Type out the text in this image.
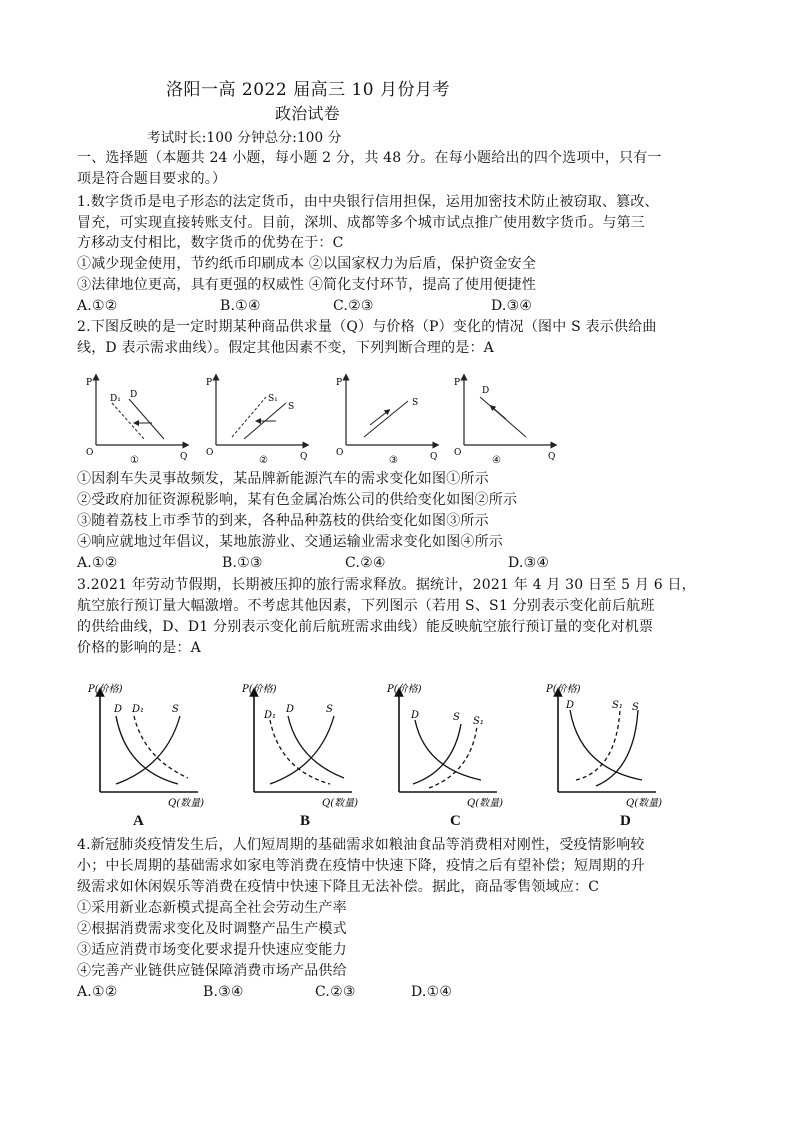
洛阳一高 2022 届高三 10 月份月考
政治试卷
考试时长:100 分钟总分:100 分
一、选择题（本题共 24 小题，每小题 2 分，共 48 分。在每小题给出的四个选项中，只有一
项是符合题目要求的。）
1.数字货币是电子形态的法定货币，由中央银行信用担保，运用加密技术防止被窃取、篡改、
冒充，可实现直接转账支付。目前，深圳、成都等多个城市试点推广使用数字货币。与第三
方移动支付相比，数字货币的优势在于：C
①减少现金使用，节约纸币印刷成本 ②以国家权力为后盾，保护资金安全
③法律地位更高，具有更强的权威性 ④简化支付环节，提高了使用便捷性
A.①②	B.①④	C.②③	D.③④
2.下图反映的是一定时期某种商品供求量（Q）与价格（P）变化的情况（图中 S 表示供给曲
线，D 表示需求曲线）。假定其他因素不变，下列判断合理的是：A
P
Q
O
D₁ D
①
P
Q
O
S₁
S
②
P
Q
O
S
③
P
Q
O
D
④
①因刹车失灵事故频发，某品牌新能源汽车的需求变化如图①所示
②受政府加征资源税影响，某有色金属冶炼公司的供给变化如图②所示
③随着荔枝上市季节的到来，各种品种荔枝的供给变化如图③所示
④响应就地过年倡议，某地旅游业、交通运输业需求变化如图④所示
A.①②	B.①③	C.②④	D.③④
3.2021 年劳动节假期，长期被压抑的旅行需求释放。据统计，2021 年 4 月 30 日至 5 月 6 日，
航空旅行预订量大幅激增。不考虑其他因素，下列图示（若用 S、S1 分别表示变化前后航班
的供给曲线，D、D1 分别表示变化前后航班需求曲线）能反映航空旅行预订量的变化对机票
价格的影响的是：A
P(价格)
Q(数量)
D D₁	S
A
P(价格)
Q(数量)
D₁
D	S
B
P(价格)
Q(数量)
D	S S₁
C
P(价格)
Q(数量)
D	S₁ S
D
4.新冠肺炎疫情发生后，人们短周期的基础需求如粮油食品等消费相对刚性，受疫情影响较
小；中长周期的基础需求如家电等消费在疫情中快速下降，疫情之后有望补偿；短周期的升
级需求如休闲娱乐等消费在疫情中快速下降且无法补偿。据此，商品零售领域应：C
①采用新业态新模式提高全社会劳动生产率
②根据消费需求变化及时调整产品生产模式
③适应消费市场变化要求提升快速应变能力
④完善产业链供应链保障消费市场产品供给
A.①②	B.③④	C.②③	D.①④
